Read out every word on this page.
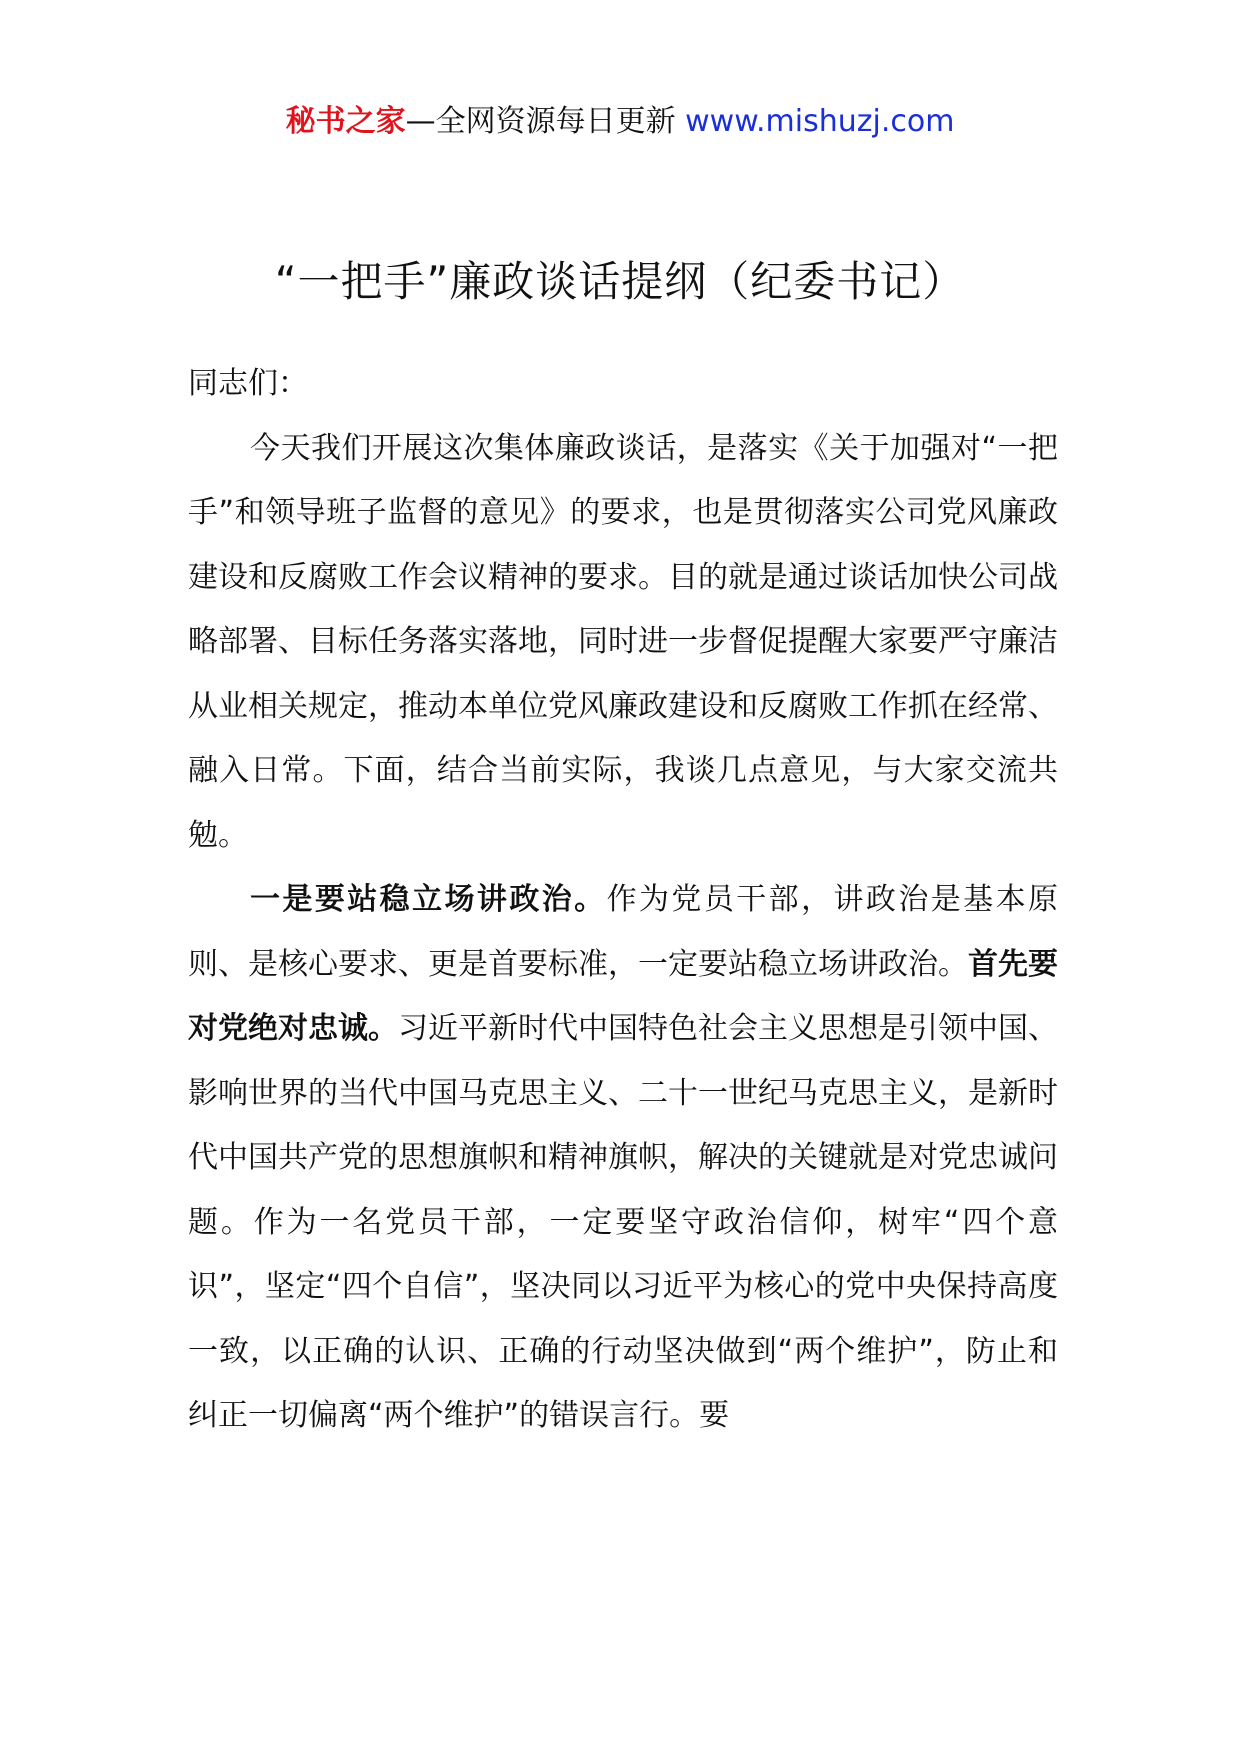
秘书之家—全网资源每日更新 www.mishuzj.com
“一把手”廉政谈话提纲（纪委书记）

同志们：

今天我们开展这次集体廉政谈话，是落实《关于加强对“一把手”和领导班子监督的意见》的要求，也是贯彻落实公司党风廉政建设和反腐败工作会议精神的要求。目的就是通过谈话加快公司战略部署、目标任务落实落地，同时进一步督促提醒大家要严守廉洁从业相关规定，推动本单位党风廉政建设和反腐败工作抓在经常、融入日常。下面，结合当前实际，我谈几点意见，与大家交流共勉。

一是要站稳立场讲政治。作为党员干部，讲政治是基本原则、是核心要求、更是首要标准，一定要站稳立场讲政治。首先要对党绝对忠诚。习近平新时代中国特色社会主义思想是引领中国、影响世界的当代中国马克思主义、二十一世纪马克思主义，是新时代中国共产党的思想旗帜和精神旗帜，解决的关键就是对党忠诚问题。作为一名党员干部，一定要坚守政治信仰，树牢“四个意识”，坚定“四个自信”，坚决同以习近平为核心的党中央保持高度一致，以正确的认识、正确的行动坚决做到“两个维护”，防止和纠正一切偏离“两个维护”的错误言行。要
